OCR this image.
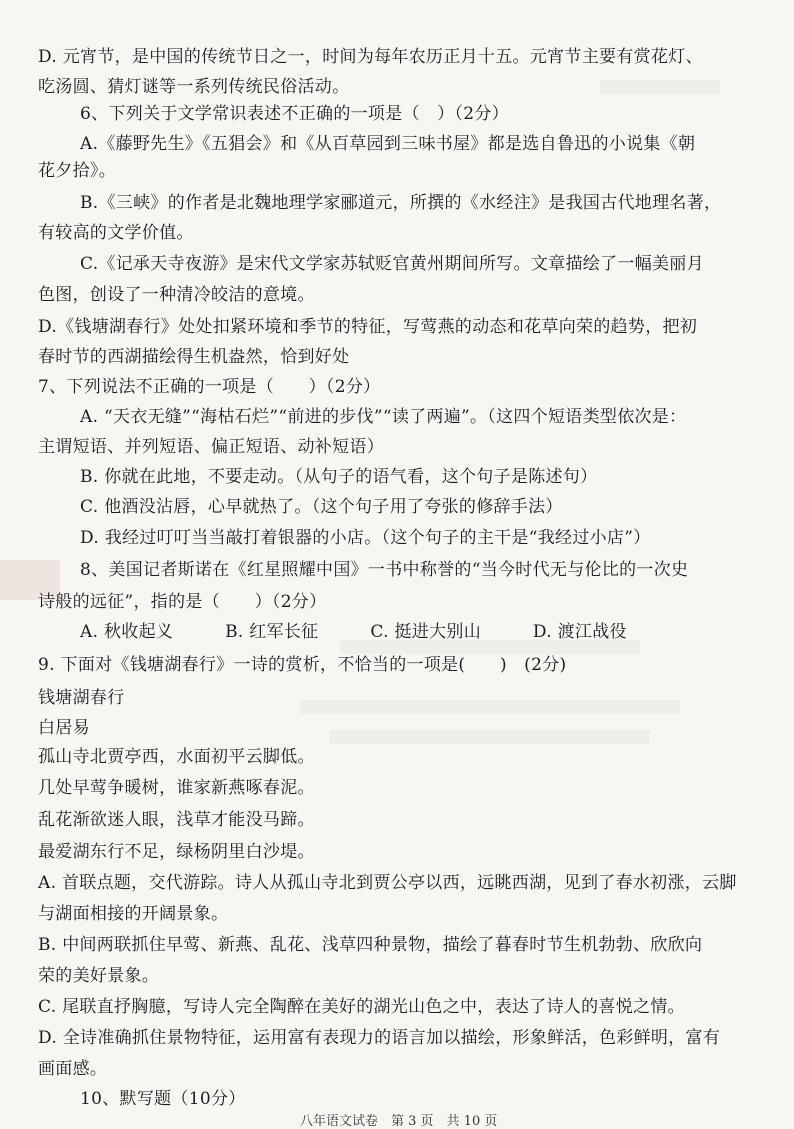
D. 元宵节，是中国的传统节日之一，时间为每年农历正月十五。元宵节主要有赏花灯、
吃汤圆、猜灯谜等一系列传统民俗活动。
6、下列关于文学常识表述不正确的一项是（　）（2分）
A.《藤野先生》《五猖会》和《从百草园到三味书屋》都是选自鲁迅的小说集《朝
花夕拾》。
B.《三峡》的作者是北魏地理学家郦道元，所撰的《水经注》是我国古代地理名著，
有较高的文学价值。
C.《记承天寺夜游》是宋代文学家苏轼贬官黄州期间所写。文章描绘了一幅美丽月
色图，创设了一种清冷皎洁的意境。
D.《钱塘湖春行》处处扣紧环境和季节的特征，写莺燕的动态和花草向荣的趋势，把初
春时节的西湖描绘得生机盎然，恰到好处
7、下列说法不正确的一项是（　　）（2分）
A. “天衣无缝”“海枯石烂”“前进的步伐”“读了两遍”。（这四个短语类型依次是：
主谓短语、并列短语、偏正短语、动补短语）
B. 你就在此地，不要走动。（从句子的语气看，这个句子是陈述句）
C. 他酒没沾唇，心早就热了。（这个句子用了夸张的修辞手法）
D. 我经过叮叮当当敲打着银器的小店。（这个句子的主干是“我经过小店”）
8、美国记者斯诺在《红星照耀中国》一书中称誉的“当今时代无与伦比的一次史
诗般的远征”，指的是（　　）（2分）
A. 秋收起义　　　B. 红军长征　　　C. 挺进大别山　　　D. 渡江战役
9. 下面对《钱塘湖春行》一诗的赏析，不恰当的一项是(　　)　(2分)
钱塘湖春行
白居易
孤山寺北贾亭西，水面初平云脚低。
几处早莺争暖树，谁家新燕啄春泥。
乱花渐欲迷人眼，浅草才能没马蹄。
最爱湖东行不足，绿杨阴里白沙堤。
A. 首联点题，交代游踪。诗人从孤山寺北到贾公亭以西，远眺西湖，见到了春水初涨，云脚
与湖面相接的开阔景象。
B. 中间两联抓住早莺、新燕、乱花、浅草四种景物，描绘了暮春时节生机勃勃、欣欣向
荣的美好景象。
C. 尾联直抒胸臆，写诗人完全陶醉在美好的湖光山色之中，表达了诗人的喜悦之情。
D. 全诗准确抓住景物特征，运用富有表现力的语言加以描绘，形象鲜活，色彩鲜明，富有
画面感。
10、默写题（10分）
八年语文试卷　第 3 页　共 10 页
